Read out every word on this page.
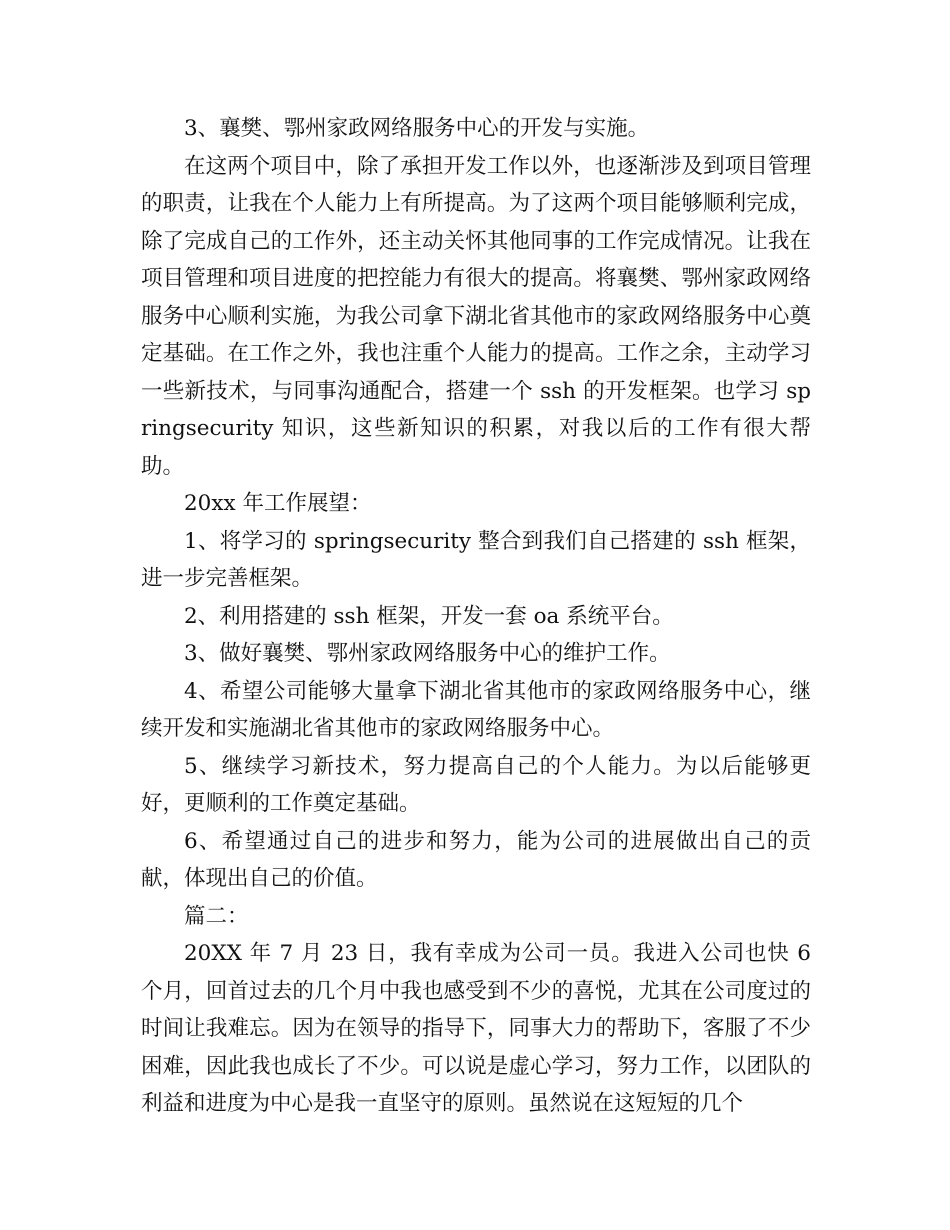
3、襄樊、鄂州家政网络服务中心的开发与实施。

在这两个项目中，除了承担开发工作以外，也逐渐涉及到项目管理的职责，让我在个人能力上有所提高。为了这两个项目能够顺利完成，除了完成自己的工作外，还主动关怀其他同事的工作完成情况。让我在项目管理和项目进度的把控能力有很大的提高。将襄樊、鄂州家政网络服务中心顺利实施，为我公司拿下湖北省其他市的家政网络服务中心奠定基础。在工作之外，我也注重个人能力的提高。工作之余，主动学习一些新技术，与同事沟通配合，搭建一个 ssh 的开发框架。也学习 springsecurity 知识，这些新知识的积累，对我以后的工作有很大帮助。

20xx 年工作展望：

1、将学习的 springsecurity 整合到我们自己搭建的 ssh 框架，进一步完善框架。

2、利用搭建的 ssh 框架，开发一套 oa 系统平台。

3、做好襄樊、鄂州家政网络服务中心的维护工作。

4、希望公司能够大量拿下湖北省其他市的家政网络服务中心，继续开发和实施湖北省其他市的家政网络服务中心。

5、继续学习新技术，努力提高自己的个人能力。为以后能够更好，更顺利的工作奠定基础。

6、希望通过自己的进步和努力，能为公司的进展做出自己的贡献，体现出自己的价值。

篇二：

20XX 年 7 月 23 日，我有幸成为公司一员。我进入公司也快 6 个月，回首过去的几个月中我也感受到不少的喜悦，尤其在公司度过的时间让我难忘。因为在领导的指导下，同事大力的帮助下，客服了不少困难，因此我也成长了不少。可以说是虚心学习，努力工作，以团队的利益和进度为中心是我一直坚守的原则。虽然说在这短短的几个
